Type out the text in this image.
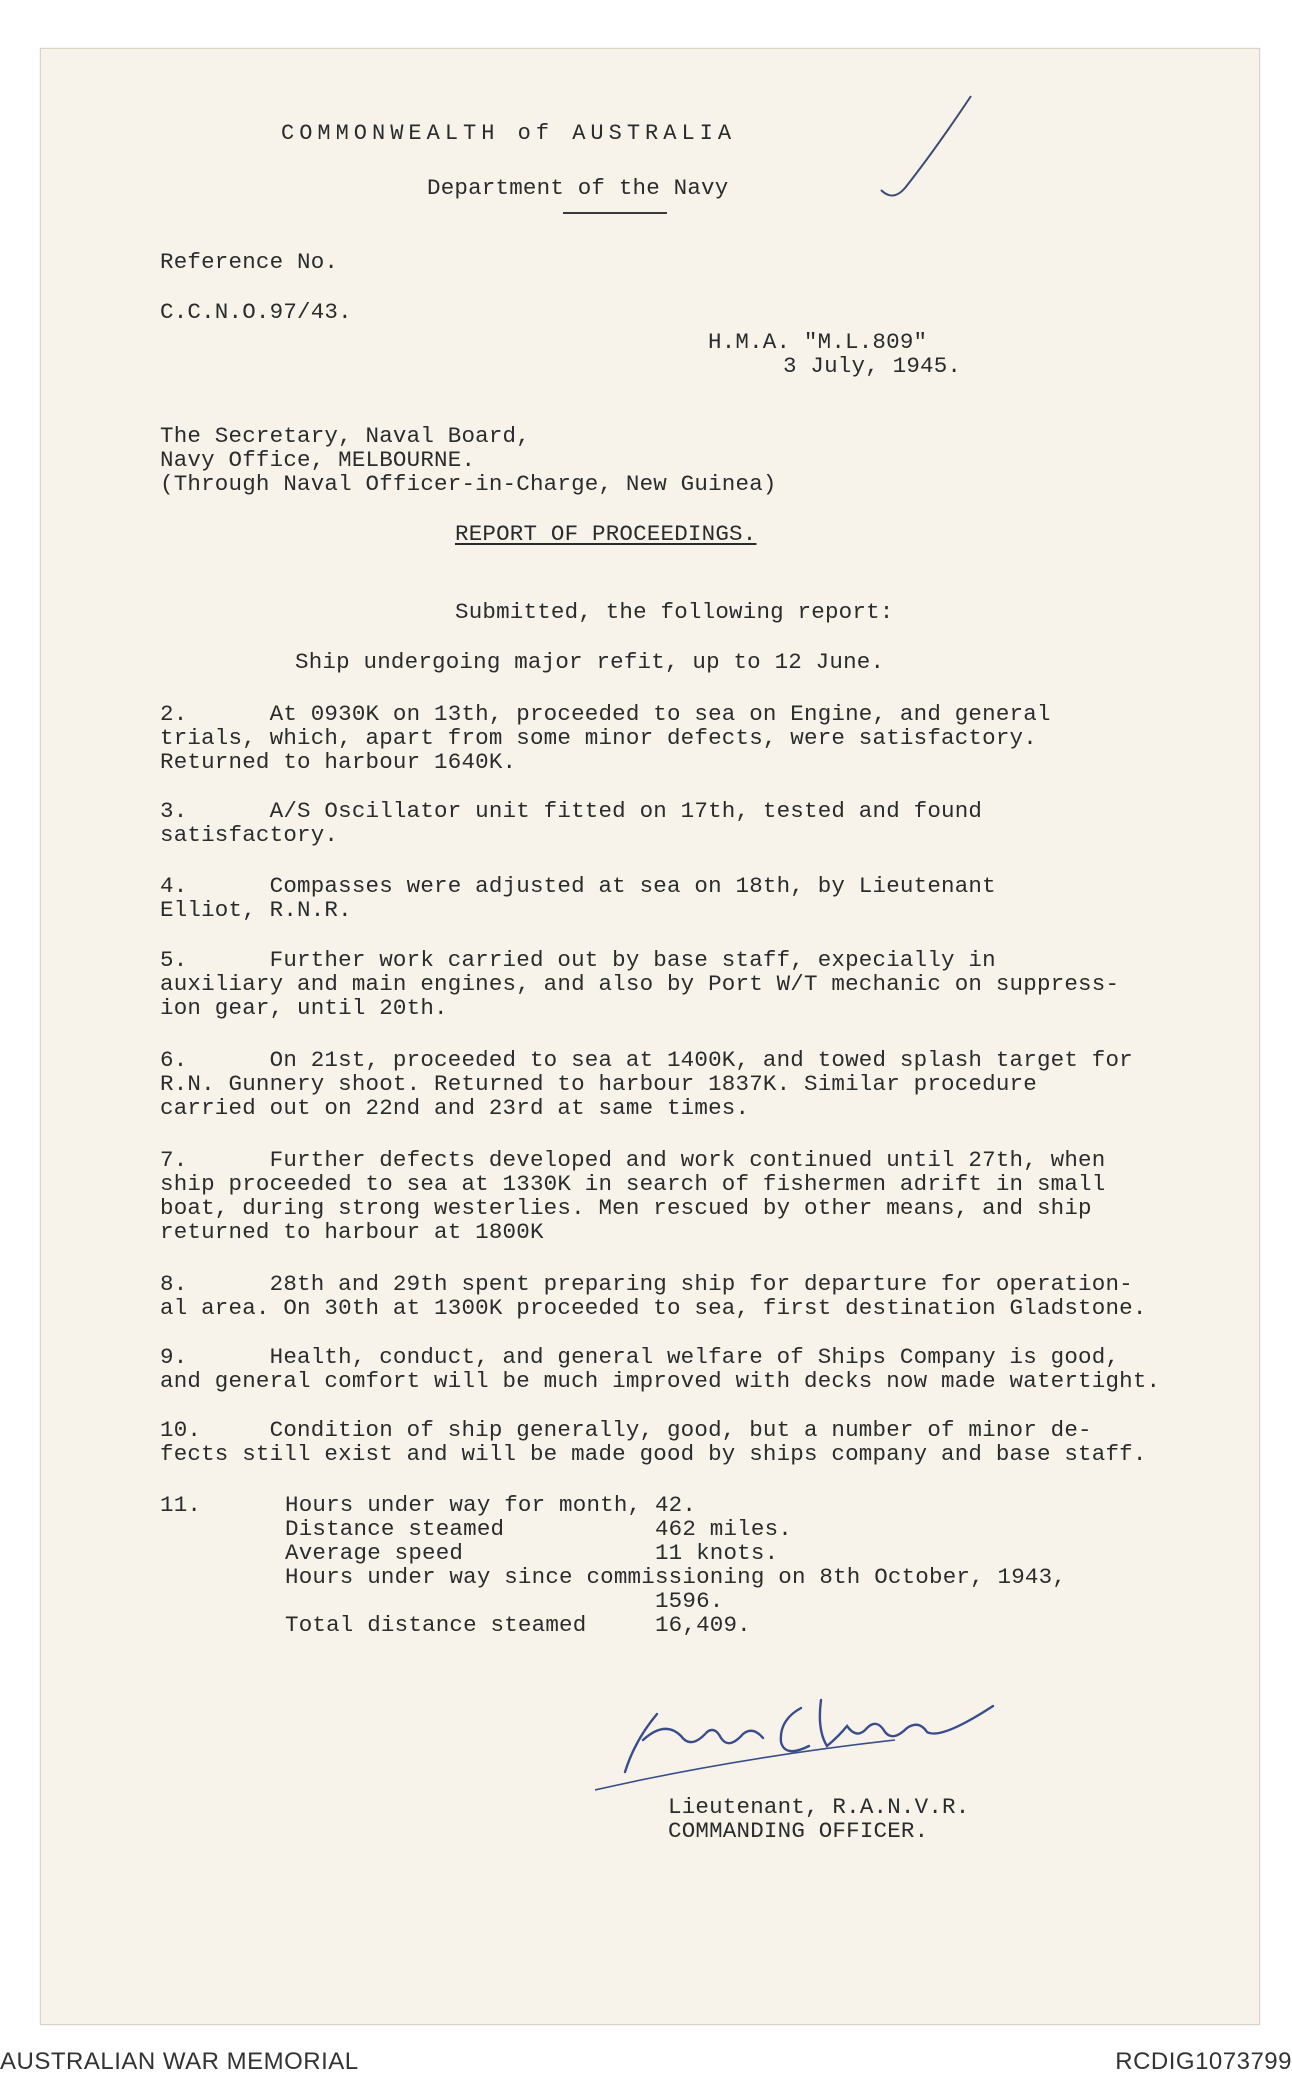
COMMONWEALTH of AUSTRALIA
Department of the Navy
Reference No.
C.C.N.O.97/43.
H.M.A. "M.L.809"
3 July, 1945.
The Secretary, Naval Board,
Navy Office, MELBOURNE.
(Through Naval Officer-in-Charge, New Guinea)
REPORT OF PROCEEDINGS.
Submitted, the following report:
Ship undergoing major refit, up to 12 June.
2.      At 0930K on 13th, proceeded to sea on Engine, and general
trials, which, apart from some minor defects, were satisfactory.
Returned to harbour 1640K.
3.      A/S Oscillator unit fitted on 17th, tested and found
satisfactory.
4.      Compasses were adjusted at sea on 18th, by Lieutenant
Elliot, R.N.R.
5.      Further work carried out by base staff, expecially in
auxiliary and main engines, and also by Port W/T mechanic on suppress-
ion gear, until 20th.
6.      On 21st, proceeded to sea at 1400K, and towed splash target for
R.N. Gunnery shoot. Returned to harbour 1837K. Similar procedure
carried out on 22nd and 23rd at same times.
7.      Further defects developed and work continued until 27th, when
ship proceeded to sea at 1330K in search of fishermen adrift in small
boat, during strong westerlies. Men rescued by other means, and ship
returned to harbour at 1800K
8.      28th and 29th spent preparing ship for departure for operation-
al area. On 30th at 1300K proceeded to sea, first destination Gladstone.
9.      Health, conduct, and general welfare of Ships Company is good,
and general comfort will be much improved with decks now made watertight.
10.     Condition of ship generally, good, but a number of minor de-
fects still exist and will be made good by ships company and base staff.
11.	Hours under way for month, 42.
Distance steamed           462 miles.
Average speed              11 knots.
Hours under way since commissioning on 8th October, 1943,
1596.
Total distance steamed     16,409.
Lieutenant, R.A.N.V.R.
COMMANDING OFFICER.
AUSTRALIAN WAR MEMORIAL	RCDIG1073799
